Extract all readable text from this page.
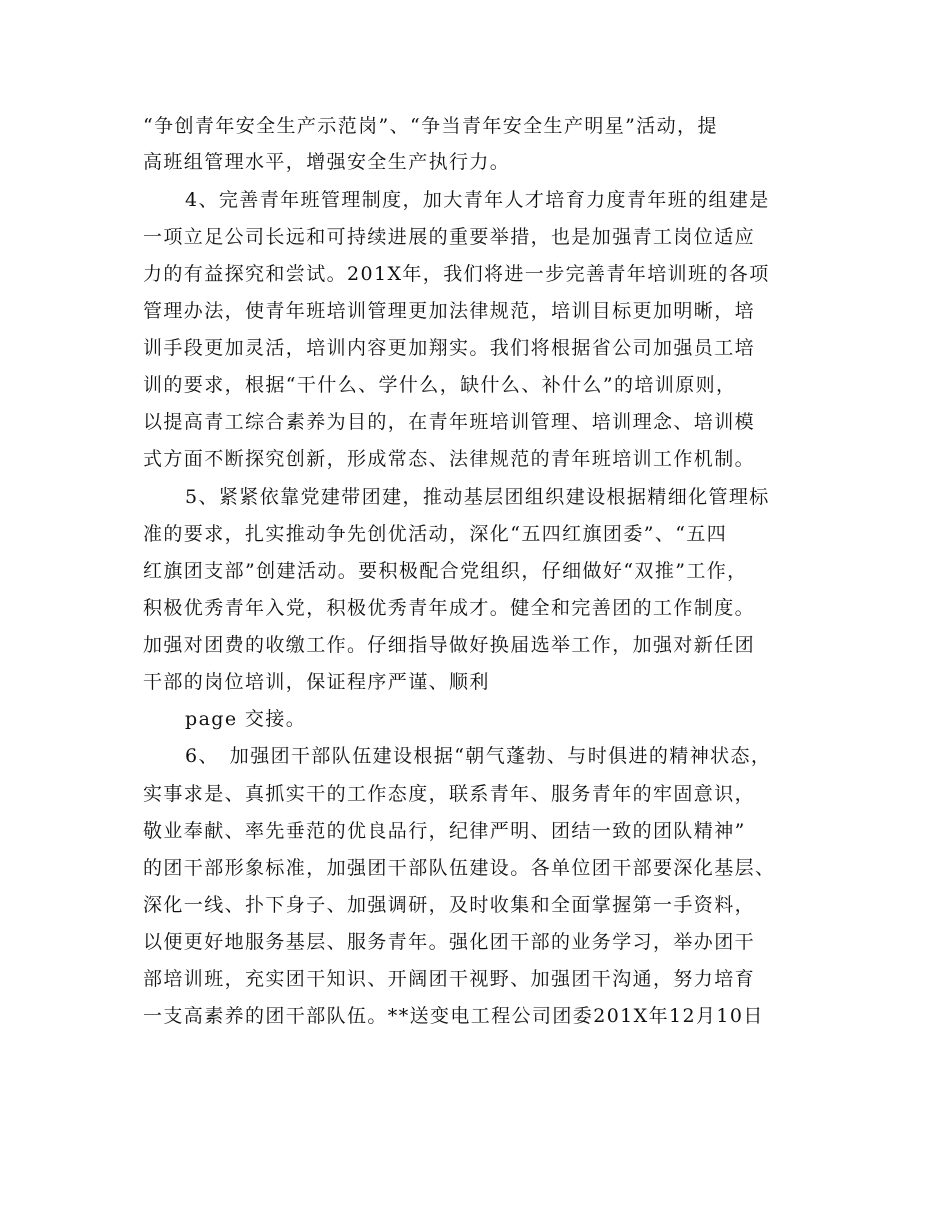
“争创青年安全生产示范岗”、“争当青年安全生产明星”活动，提
高班组管理水平，增强安全生产执行力。
4、完善青年班管理制度，加大青年人才培育力度青年班的组建是
一项立足公司长远和可持续进展的重要举措，也是加强青工岗位适应
力的有益探究和尝试。201X年，我们将进一步完善青年培训班的各项
管理办法，使青年班培训管理更加法律规范，培训目标更加明晰，培
训手段更加灵活，培训内容更加翔实。我们将根据省公司加强员工培
训的要求，根据“干什么、学什么，缺什么、补什么”的培训原则，
以提高青工综合素养为目的，在青年班培训管理、培训理念、培训模
式方面不断探究创新，形成常态、法律规范的青年班培训工作机制。
5、紧紧依靠党建带团建，推动基层团组织建设根据精细化管理标
准的要求，扎实推动争先创优活动，深化“五四红旗团委”、“五四
红旗团支部”创建活动。要积极配合党组织，仔细做好“双推”工作，
积极优秀青年入党，积极优秀青年成才。健全和完善团的工作制度。
加强对团费的收缴工作。仔细指导做好换届选举工作，加强对新任团
干部的岗位培训，保证程序严谨、顺利
page 交接。
6、　加强团干部队伍建设根据“朝气蓬勃、与时俱进的精神状态，
实事求是、真抓实干的工作态度，联系青年、服务青年的牢固意识，
敬业奉献、率先垂范的优良品行，纪律严明、团结一致的团队精神”
的团干部形象标准，加强团干部队伍建设。各单位团干部要深化基层、
深化一线、扑下身子、加强调研，及时收集和全面掌握第一手资料，
以便更好地服务基层、服务青年。强化团干部的业务学习，举办团干
部培训班，充实团干知识、开阔团干视野、加强团干沟通，努力培育
一支高素养的团干部队伍。**送变电工程公司团委201X年12月10日
